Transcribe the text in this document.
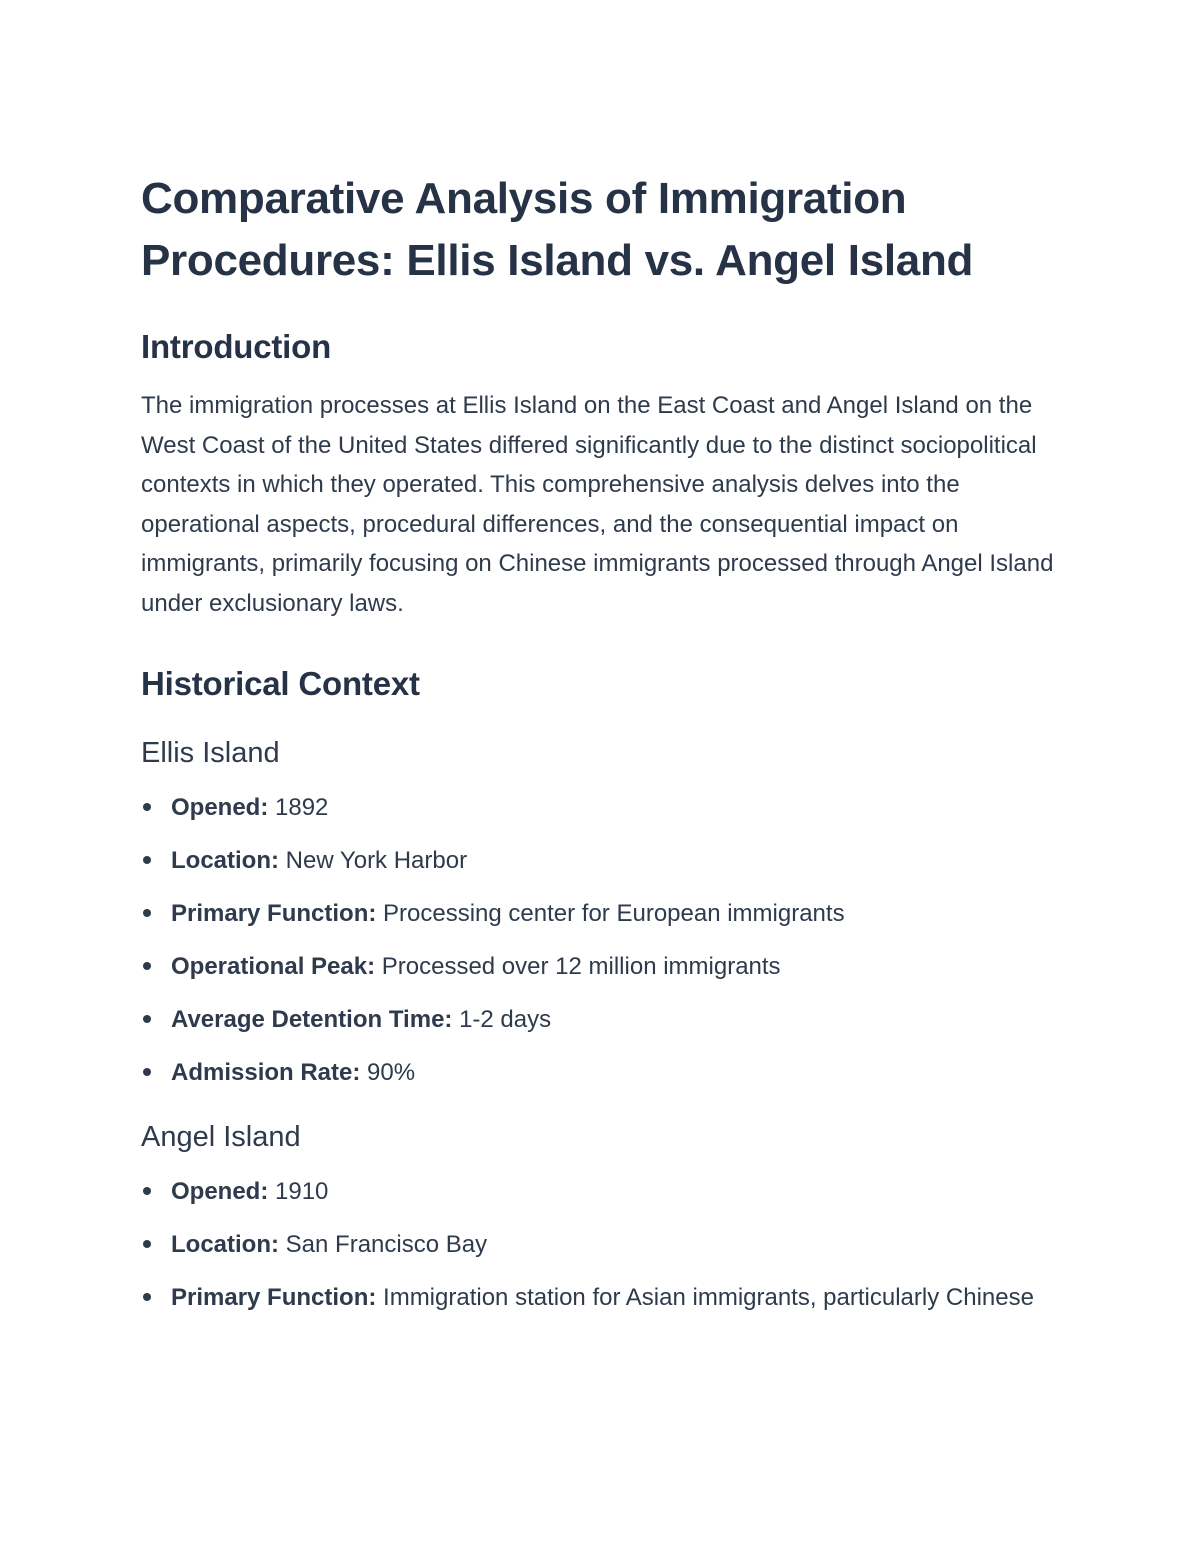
Comparative Analysis of Immigration Procedures: Ellis Island vs. Angel Island
Introduction

The immigration processes at Ellis Island on the East Coast and Angel Island on the West Coast of the United States differed significantly due to the distinct sociopolitical contexts in which they operated. This comprehensive analysis delves into the operational aspects, procedural differences, and the consequential impact on immigrants, primarily focusing on Chinese immigrants processed through Angel Island under exclusionary laws.

Historical Context
Ellis Island
Opened: 1892
Location: New York Harbor
Primary Function: Processing center for European immigrants
Operational Peak: Processed over 12 million immigrants
Average Detention Time: 1-2 days
Admission Rate: 90%
Angel Island
Opened: 1910
Location: San Francisco Bay
Primary Function: Immigration station for Asian immigrants, particularly Chinese
